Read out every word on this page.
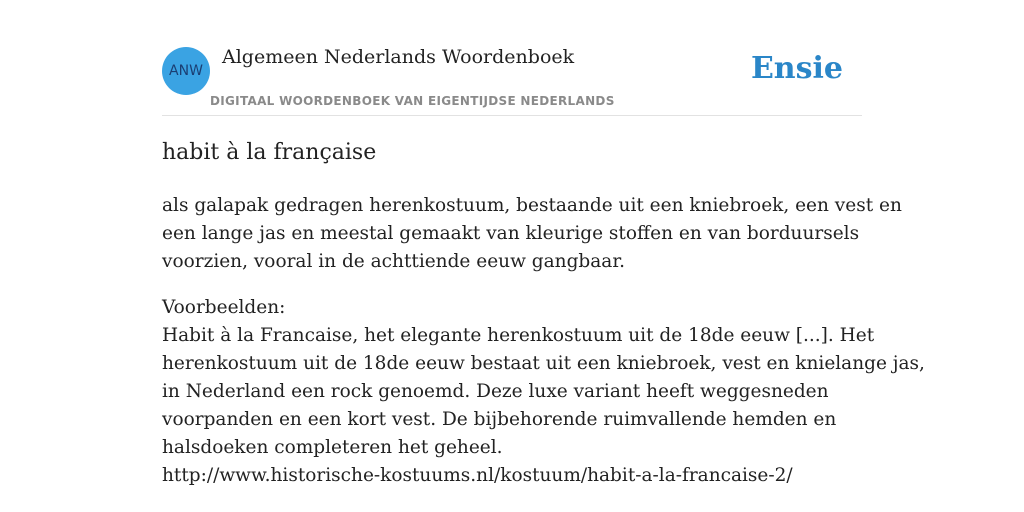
ANW
Algemeen Nederlands Woordenboek
DIGITAAL WOORDENBOEK VAN EIGENTIJDSE NEDERLANDS
Ensie
habit à la française

als galapak gedragen herenkostuum, bestaande uit een kniebroek, een vest en
een lange jas en meestal gemaakt van kleurige stoffen en van borduursels
voorzien, vooral in de achttiende eeuw gangbaar.

Voorbeelden:
Habit à la Francaise, het elegante herenkostuum uit de 18de eeuw [...]. Het
herenkostuum uit de 18de eeuw bestaat uit een kniebroek, vest en knielange jas,
in Nederland een rock genoemd. Deze luxe variant heeft weggesneden
voorpanden en een kort vest. De bijbehorende ruimvallende hemden en
halsdoeken completeren het geheel.
http://www.historische-kostuums.nl/kostuum/habit-a-la-francaise-2/
